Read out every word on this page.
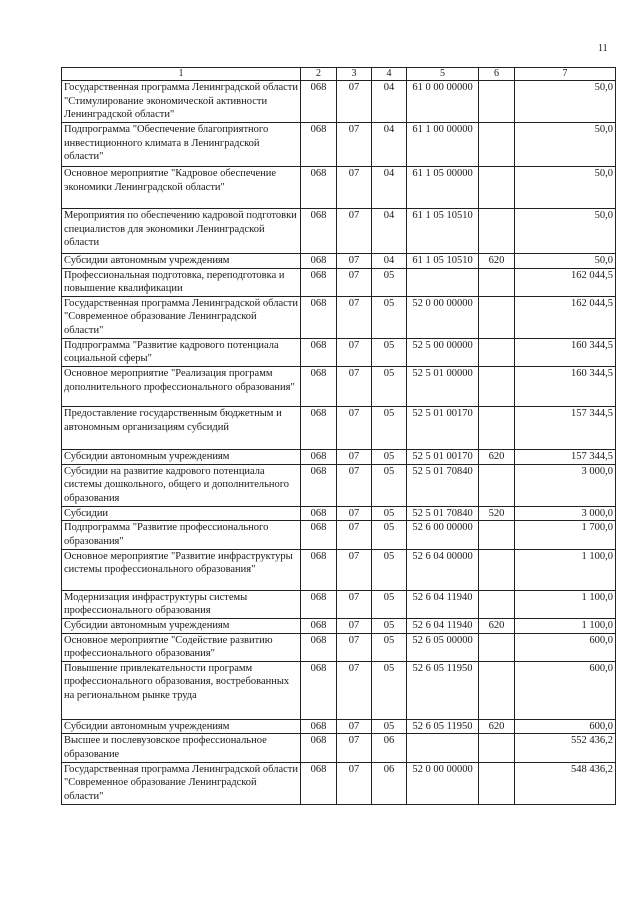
11
1	2	3	4	5	6	7
Государственная программа Ленинградской области "Стимулирование экономической активности Ленинградской области"	068	07	04	61 0 00 00000		50,0
Подпрограмма "Обеспечение благоприятного инвестиционного климата в Ленинградской области"	068	07	04	61 1 00 00000		50,0
Основное мероприятие "Кадровое обеспечение экономики Ленинградской области"	068	07	04	61 1 05 00000		50,0
Мероприятия по обеспечению кадровой подготовки специалистов для экономики Ленинградской области	068	07	04	61 1 05 10510		50,0
Субсидии автономным учреждениям	068	07	04	61 1 05 10510	620	50,0
Профессиональная подготовка, переподготовка и повышение квалификации	068	07	05			162 044,5
Государственная программа Ленинградской области "Современное образование Ленинградской области"	068	07	05	52 0 00 00000		162 044,5
Подпрограмма "Развитие кадрового потенциала социальной сферы"	068	07	05	52 5 00 00000		160 344,5
Основное мероприятие "Реализация программ дополнительного профессионального образования"	068	07	05	52 5 01 00000		160 344,5
Предоставление государственным бюджетным и автономным организациям субсидий	068	07	05	52 5 01 00170		157 344,5
Субсидии автономным учреждениям	068	07	05	52 5 01 00170	620	157 344,5
Субсидии на развитие кадрового потенциала системы дошкольного, общего и дополнительного образования	068	07	05	52 5 01 70840		3 000,0
Субсидии	068	07	05	52 5 01 70840	520	3 000,0
Подпрограмма "Развитие профессионального образования"	068	07	05	52 6 00 00000		1 700,0
Основное мероприятие "Развитие инфраструктуры системы профессионального образования"	068	07	05	52 6 04 00000		1 100,0
Модернизация инфраструктуры системы профессионального образования	068	07	05	52 6 04 11940		1 100,0
Субсидии автономным учреждениям	068	07	05	52 6 04 11940	620	1 100,0
Основное мероприятие "Содействие развитию профессионального образования"	068	07	05	52 6 05 00000		600,0
Повышение привлекательности программ профессионального образования, востребованных на региональном рынке труда	068	07	05	52 6 05 11950		600,0
Субсидии автономным учреждениям	068	07	05	52 6 05 11950	620	600,0
Высшее и послевузовское профессиональное образование	068	07	06			552 436,2
Государственная программа Ленинградской области "Современное образование Ленинградской области"	068	07	06	52 0 00 00000		548 436,2
